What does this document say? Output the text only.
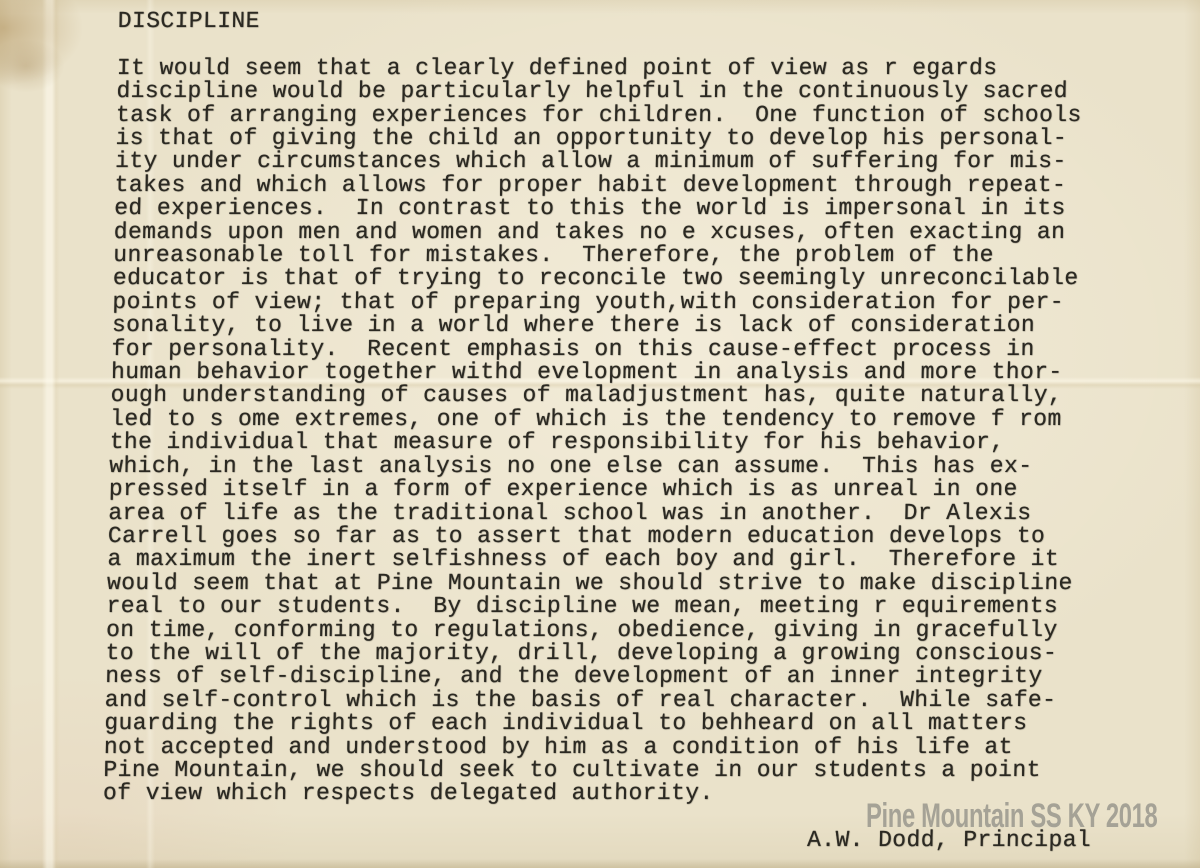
DISCIPLINE
It would seem that a clearly defined point of view as r egards
discipline would be particularly helpful in the continuously sacred
task of arranging experiences for children.  One function of schools
is that of giving the child an opportunity to develop his personal-
ity under circumstances which allow a minimum of suffering for mis-
takes and which allows for proper habit development through repeat-
ed experiences.  In contrast to this the world is impersonal in its
demands upon men and women and takes no e xcuses, often exacting an
unreasonable toll for mistakes.  Therefore, the problem of the
educator is that of trying to reconcile two seemingly unreconcilable
points of view; that of preparing youth,with consideration for per-
sonality, to live in a world where there is lack of consideration
for personality.  Recent emphasis on this cause-effect process in
human behavior together withd evelopment in analysis and more thor-
ough understanding of causes of maladjustment has, quite naturally,
led to s ome extremes, one of which is the tendency to remove f rom
the individual that measure of responsibility for his behavior,
which, in the last analysis no one else can assume.  This has ex-
pressed itself in a form of experience which is as unreal in one
area of life as the traditional school was in another.  Dr Alexis
Carrell goes so far as to assert that modern education develops to
a maximum the inert selfishness of each boy and girl.  Therefore it
would seem that at Pine Mountain we should strive to make discipline
real to our students.  By discipline we mean, meeting r equirements
on time, conforming to regulations, obedience, giving in gracefully
to the will of the majority, drill, developing a growing conscious-
ness of self-discipline, and the development of an inner integrity
and self-control which is the basis of real character.  While safe-
guarding the rights of each individual to behheard on all matters
not accepted and understood by him as a condition of his life at
Pine Mountain, we should seek to cultivate in our students a point
of view which respects delegated authority.
A.W. Dodd, Principal
Pine Mountain SS KY 2018
